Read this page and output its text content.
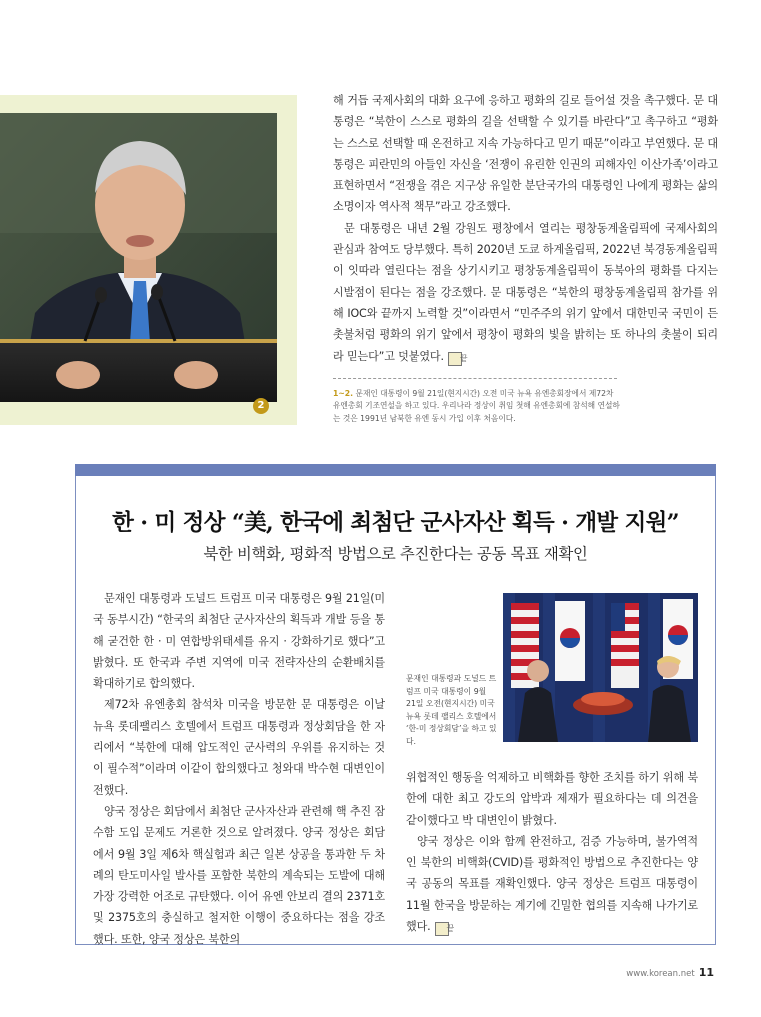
2

해 거듭 국제사회의 대화 요구에 응하고 평화의 길로 들어설 것을 촉구했다. 문 대통령은 “북한이 스스로 평화의 길을 선택할 수 있기를 바란다”고 촉구하고 “평화는 스스로 선택할 때 온전하고 지속 가능하다고 믿기 때문”이라고 부연했다. 문 대통령은 피란민의 아들인 자신을 ‘전쟁이 유린한 인권의 피해자인 이산가족’이라고 표현하면서 “전쟁을 겪은 지구상 유일한 분단국가의 대통령인 나에게 평화는 삶의 소명이자 역사적 책무”라고 강조했다.

문 대통령은 내년 2월 강원도 평창에서 열리는 평창동계올림픽에 국제사회의 관심과 참여도 당부했다. 특히 2020년 도쿄 하계올림픽, 2022년 북경동계올림픽이 잇따라 열린다는 점을 상기시키고 평창동계올림픽이 동북아의 평화를 다지는 시발점이 된다는 점을 강조했다. 문 대통령은 “북한의 평창동계올림픽 참가를 위해 IOC와 끝까지 노력할 것”이라면서 “민주주의 위기 앞에서 대한민국 국민이 든 촛불처럼 평화의 위기 앞에서 평창이 평화의 빛을 밝히는 또 하나의 촛불이 되리라 믿는다”고 덧붙였다. 끝

1~2. 문재인 대통령이 9월 21일(현지시간) 오전 미국 뉴욕 유엔총회장에서 제72차 유엔총회 기조연설을 하고 있다. 우리나라 정상이 취임 첫해 유엔총회에 참석해 연설하는 것은 1991년 남북한 유엔 동시 가입 이후 처음이다.
한 · 미 정상 “美, 한국에 최첨단 군사자산 획득 · 개발 지원”
북한 비핵화, 평화적 방법으로 추진한다는 공동 목표 재확인

문재인 대통령과 도널드 트럼프 미국 대통령은 9월 21일(미국 동부시간) “한국의 최첨단 군사자산의 획득과 개발 등을 통해 굳건한 한 · 미 연합방위태세를 유지 · 강화하기로 했다”고 밝혔다. 또 한국과 주변 지역에 미국 전략자산의 순환배치를 확대하기로 합의했다.

제72차 유엔총회 참석차 미국을 방문한 문 대통령은 이날 뉴욕 롯데팰리스 호텔에서 트럼프 대통령과 정상회담을 한 자리에서 “북한에 대해 압도적인 군사력의 우위를 유지하는 것이 필수적”이라며 이같이 합의했다고 청와대 박수현 대변인이 전했다.

양국 정상은 회담에서 최첨단 군사자산과 관련해 핵 추진 잠수함 도입 문제도 거론한 것으로 알려졌다. 양국 정상은 회담에서 9월 3일 제6차 핵실험과 최근 일본 상공을 통과한 두 차례의 탄도미사일 발사를 포함한 북한의 계속되는 도발에 대해 가장 강력한 어조로 규탄했다. 이어 유엔 안보리 결의 2371호 및 2375호의 충실하고 철저한 이행이 중요하다는 점을 강조했다. 또한, 양국 정상은 북한의

문재인 대통령과 도널드 트럼프 미국 대통령이 9월 21일 오전(현지시간) 미국 뉴욕 롯데 팰리스 호텔에서 ‘한-미 정상회담’을 하고 있다.

위협적인 행동을 억제하고 비핵화를 향한 조치를 하기 위해 북한에 대한 최고 강도의 압박과 제재가 필요하다는 데 의견을 같이했다고 박 대변인이 밝혔다.

양국 정상은 이와 함께 완전하고, 검증 가능하며, 불가역적인 북한의 비핵화(CVID)를 평화적인 방법으로 추진한다는 양국 공동의 목표를 재확인했다. 양국 정상은 트럼프 대통령이 11월 한국을 방문하는 계기에 긴밀한 협의를 지속해 나가기로 했다. 끝

www.korean.net 11
